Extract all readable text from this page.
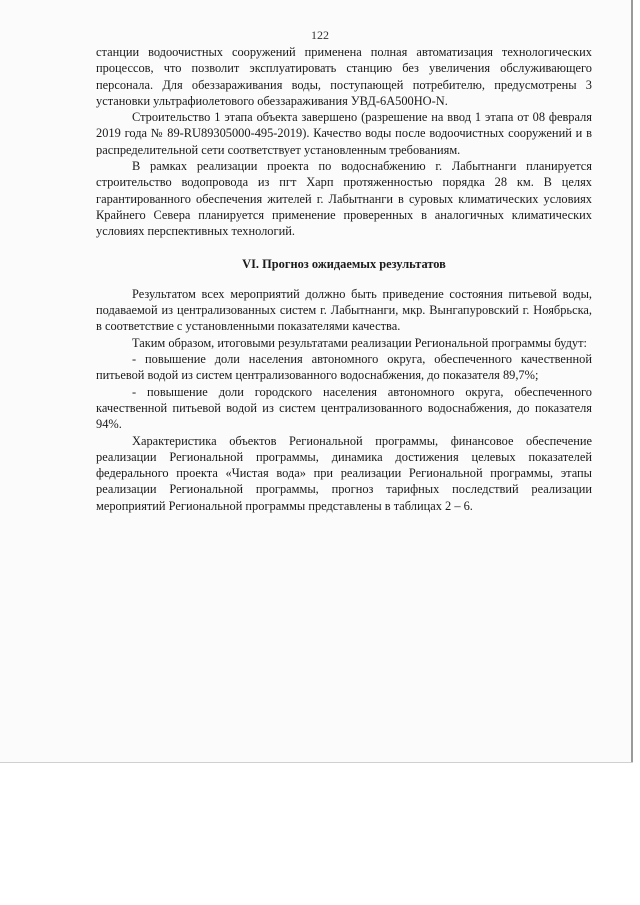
122

станции водоочистных сооружений применена полная автоматизация технологических процессов, что позволит эксплуатировать станцию без увеличения обслуживающего персонала. Для обеззараживания воды, поступающей потребителю, предусмотрены 3 установки ультрафиолетового обеззараживания УВД-6А500НО-N.

Строительство 1 этапа объекта завершено (разрешение на ввод 1 этапа от 08 февраля 2019 года № 89-RU89305000-495-2019). Качество воды после водоочистных сооружений и в распределительной сети соответствует установленным требованиям.

В рамках реализации проекта по водоснабжению г. Лабытнанги планируется строительство водопровода из пгт Харп протяженностью порядка 28 км. В целях гарантированного обеспечения жителей г. Лабытнанги в суровых климатических условиях Крайнего Севера планируется применение проверенных в аналогичных климатических условиях перспективных технологий.

VI. Прогноз ожидаемых результатов

Результатом всех мероприятий должно быть приведение состояния питьевой воды, подаваемой из централизованных систем г. Лабытнанги, мкр. Вынгапуровский г. Ноябрьска, в соответствие с установленными показателями качества.

Таким образом, итоговыми результатами реализации Региональной программы будут:

- повышение доли населения автономного округа, обеспеченного качественной питьевой водой из систем централизованного водоснабжения, до показателя 89,7%;

- повышение доли городского населения автономного округа, обеспеченного качественной питьевой водой из систем централизованного водоснабжения, до показателя 94%.

Характеристика объектов Региональной программы, финансовое обеспечение реализации Региональной программы, динамика достижения целевых показателей федерального проекта «Чистая вода» при реализации Региональной программы, этапы реализации Региональной программы, прогноз тарифных последствий реализации мероприятий Региональной программы представлены в таблицах 2 – 6.
